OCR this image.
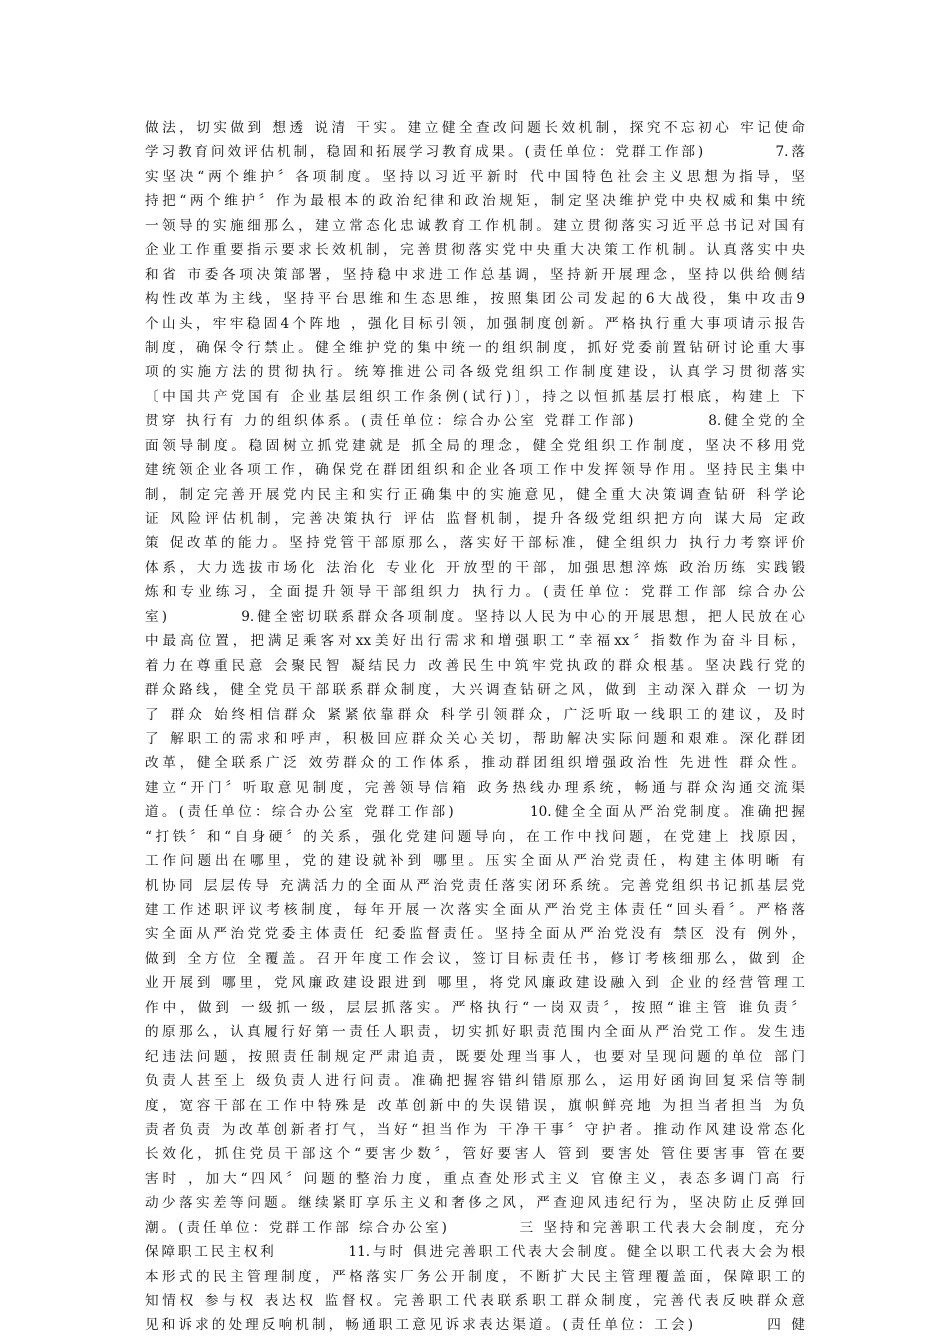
做法，切实做到 想透 说清 干实。建立健全查改问题长效机制，探究不忘初心 牢记使命
学习教育问效评估机制，稳固和拓展学习教育成果。(责任单位：党群工作部)          7.落
实坚决“两个维护〞各项制度。坚持以习近平新时 代中国特色社会主义思想为指导，坚
持把“两个维护〞作为最根本的政治纪律和政治规矩，制定坚决维护党中央权威和集中统
一领导的实施细那么，建立常态化忠诚教育工作机制。建立贯彻落实习近平总书记对国有
企业工作重要指示要求长效机制，完善贯彻落实党中央重大决策工作机制。认真落实中央
和省 市委各项决策部署，坚持稳中求进工作总基调，坚持新开展理念，坚持以供给侧结
构性改革为主线，坚持平台思维和生态思维，按照集团公司发起的6大战役，集中攻击9
个山头，牢牢稳固4个阵地 ，强化目标引领，加强制度创新。严格执行重大事项请示报告
制度，确保令行禁止。健全维护党的集中统一的组织制度，抓好党委前置钻研讨论重大事
项的实施方法的贯彻执行。统筹推进公司各级党组织工作制度建设，认真学习贯彻落实
〔中国共产党国有 企业基层组织工作条例(试行)〕，持之以恒抓基层打根底，构建上 下
贯穿 执行有 力的组织体系。(责任单位：综合办公室 党群工作部)          8.健全党的全
面领导制度。稳固树立抓党建就是 抓全局的理念，健全党组织工作制度，坚决不移用党
建统领企业各项工作，确保党在群团组织和企业各项工作中发挥领导作用。坚持民主集中
制，制定完善开展党内民主和实行正确集中的实施意见，健全重大决策调查钻研 科学论
证 风险评估机制，完善决策执行 评估 监督机制，提升各级党组织把方向 谋大局 定政
策 促改革的能力。坚持党管干部原那么，落实好干部标准，健全组织力 执行力考察评价
体系，大力选拔市场化 法治化 专业化 开放型的干部，加强思想淬炼 政治历练 实践锻
炼和专业练习，全面提升领导干部组织力 执行力。(责任单位：党群工作部 综合办公
室)          9.健全密切联系群众各项制度。坚持以人民为中心的开展思想，把人民放在心
中最高位置，把满足乘客对xx美好出行需求和增强职工“幸福xx〞指数作为奋斗目标，
着力在尊重民意 会聚民智 凝结民力 改善民生中筑牢党执政的群众根基。坚决践行党的
群众路线，健全党员干部联系群众制度，大兴调查钻研之风，做到 主动深入群众 一切为
了 群众 始终相信群众 紧紧依靠群众 科学引领群众，广泛听取一线职工的建议，及时
了 解职工的需求和呼声，积极回应群众关心关切，帮助解决实际问题和艰难。深化群团
改革，健全联系广泛 效劳群众的工作体系，推动群团组织增强政治性 先进性 群众性。
建立“开门〞听取意见制度，完善领导信箱 政务热线办理系统，畅通与群众沟通交流渠
道。(责任单位：综合办公室 党群工作部)          10.健全全面从严治党制度。准确把握
“打铁〞和“自身硬〞的关系，强化党建问题导向，在工作中找问题，在党建上 找原因，
工作问题出在哪里，党的建设就补到 哪里。压实全面从严治党责任，构建主体明晰 有
机协同 层层传导 充满活力的全面从严治党责任落实闭环系统。完善党组织书记抓基层党
建工作述职评议考核制度，每年开展一次落实全面从严治党主体责任“回头看〞。严格落
实全面从严治党党委主体责任 纪委监督责任。坚持全面从严治党没有 禁区 没有 例外，
做到 全方位 全覆盖。召开年度工作会议，签订目标责任书，修订考核细那么，做到 企
业开展到 哪里，党风廉政建设跟进到 哪里，将党风廉政建设融入到 企业的经营管理工
作中，做到 一级抓一级，层层抓落实。严格执行“一岗双责〞，按照“谁主管 谁负责〞
的原那么，认真履行好第一责任人职责，切实抓好职责范围内全面从严治党工作。发生违
纪违法问题，按照责任制规定严肃追责，既要处理当事人，也要对呈现问题的单位 部门
负责人甚至上 级负责人进行问责。准确把握容错纠错原那么，运用好函询回复采信等制
度，宽容干部在工作中特殊是 改革创新中的失误错误，旗帜鲜亮地 为担当者担当 为负
责者负责 为改革创新者打气，当好“担当作为 干净干事〞守护者。推动作风建设常态化
长效化，抓住党员干部这个“要害少数〞，管好要害人 管到 要害处 管住要害事 管在要
害时 ，加大“四风〞问题的整治力度，重点查处形式主义 官僚主义，表态多调门高 行
动少落实差等问题。继续紧盯享乐主义和奢侈之风，严查迎风违纪行为，坚决防止反弹回
潮。(责任单位：党群工作部 综合办公室)          三 坚持和完善职工代表大会制度，充分
保障职工民主权利          11.与时 俱进完善职工代表大会制度。健全以职工代表大会为根
本形式的民主管理制度，严格落实厂务公开制度，不断扩大民主管理覆盖面，保障职工的
知情权 参与权 表达权 监督权。完善职工代表联系职工群众制度，完善代表反映群众意
见和诉求的处理反响机制，畅通职工意见诉求表达渠道。(责任单位：工会)          四 健
